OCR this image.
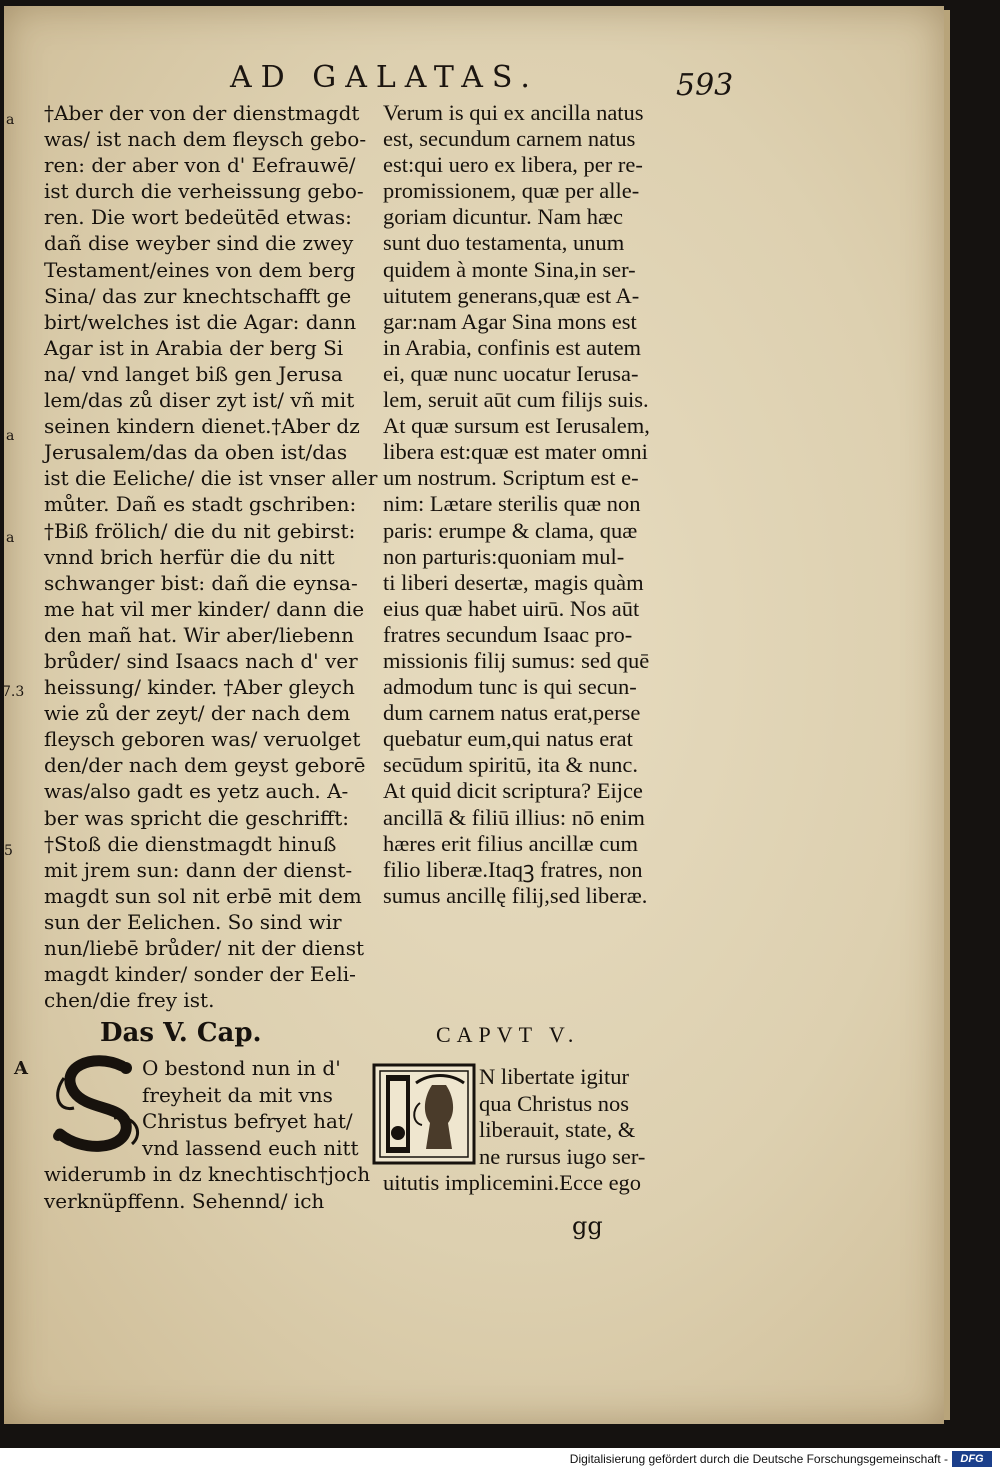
AD GALATAS.	593
a
a
a
7.3
5
A
†Aber der von der dienstmagdt
was/ ist nach dem fleysch gebo-
ren: der aber von d' Eefrauwē/
ist durch die verheissung gebo-
ren. Die wort bedeütēd etwas:
dañ dise weyber sind die zwey
Testament/eines von dem berg
Sina/ das zur knechtschafft ge
birt/welches ist die Agar: dann
Agar ist in Arabia der berg Si
na/ vnd langet biß gen Jerusa
lem/das zů diser zyt ist/ vñ mit
seinen kindern dienet.†Aber dz
Jerusalem/das da oben ist/das
ist die Eeliche/ die ist vnser aller
můter. Dañ es stadt gschriben:
†Biß frölich/ die du nit gebirst:
vnnd brich herfür die du nitt
schwanger bist: dañ die eynsa-
me hat vil mer kinder/ dann die
den mañ hat. Wir aber/liebenn
brůder/ sind Isaacs nach d' ver
heissung/ kinder. †Aber gleych
wie zů der zeyt/ der nach dem
fleysch geboren was/ veruolget
den/der nach dem geyst geborē
was/also gadt es yetz auch. A-
ber was spricht die geschrifft:
†Stoß die dienstmagdt hinuß
mit jrem sun: dann der dienst-
magdt sun sol nit erbē mit dem
sun der Eelichen. So sind wir
nun/liebē brůder/ nit der dienst
magdt kinder/ sonder der Eeli-
chen/die frey ist.
Verum is qui ex ancilla natus
est, secundum carnem natus
est:qui uero ex libera, per re-
promissionem, quæ per alle-
goriam dicuntur. Nam hæc
sunt duo testamenta, unum
quidem à monte Sina,in ser-
uitutem generans,quæ est A-
gar:nam Agar Sina mons est
in Arabia, confinis est autem
ei, quæ nunc uocatur Ierusa-
lem, seruit aūt cum filijs suis.
At quæ sursum est Ierusalem,
libera est:quæ est mater omni
um nostrum. Scriptum est e-
nim: Lætare sterilis quæ non
paris: erumpe & clama, quæ
non parturis:quoniam mul-
ti liberi desertæ, magis quàm
eius quæ habet uirū. Nos aūt
fratres secundum Isaac pro-
missionis filij sumus: sed quē
admodum tunc is qui secun-
dum carnem natus erat,perse
quebatur eum,qui natus erat
secūdum spiritū, ita & nunc.
At quid dicit scriptura? Eijce
ancillā & filiū illius: nō enim
hæres erit filius ancillæ cum
filio liberæ.Itaqꝫ fratres, non
sumus ancillę filij,sed liberæ.
Das V. Cap.	CAPVT V.
O bestond nun in d'
freyheit da mit vns
Christus befryet hat/
vnd lassend euch nitt
widerumb in dz knechtisch†joch
verknüpffenn. Sehennd/ ich
N libertate igitur
qua Christus nos
liberauit, state, &
ne rursus iugo ser-
uitutis implicemini.Ecce ego
gg
Digitalisierung gefördert durch die Deutsche Forschungsgemeinschaft -	DFG
